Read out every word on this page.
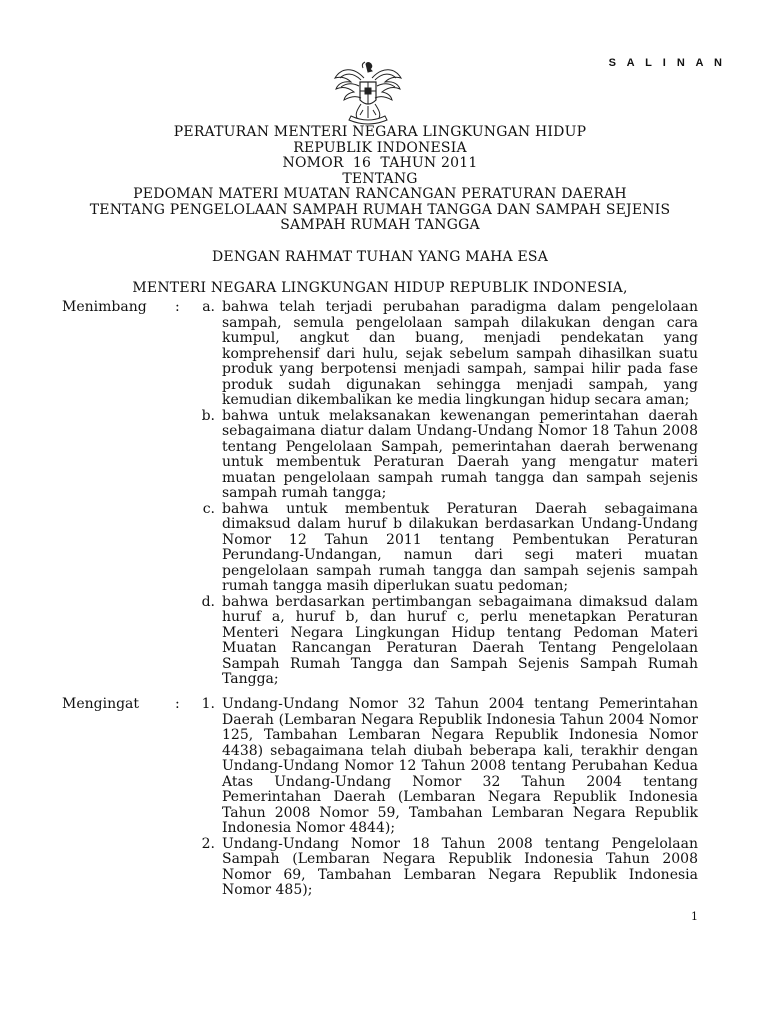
S A L I N A N
PERATURAN MENTERI NEGARA LINGKUNGAN HIDUP
REPUBLIK INDONESIA
NOMOR  16  TAHUN 2011
TENTANG
PEDOMAN MATERI MUATAN RANCANGAN PERATURAN DAERAH
TENTANG PENGELOLAAN SAMPAH RUMAH TANGGA DAN SAMPAH SEJENIS
SAMPAH RUMAH TANGGA
DENGAN RAHMAT TUHAN YANG MAHA ESA
MENTERI NEGARA LINGKUNGAN HIDUP REPUBLIK INDONESIA,
Menimbang :	a. bahwa telah terjadi perubahan paradigma dalam pengelolaan sampah, semula pengelolaan sampah dilakukan dengan cara kumpul, angkut dan buang, menjadi pendekatan yang komprehensif dari hulu, sejak sebelum sampah dihasilkan suatu produk yang berpotensi menjadi sampah, sampai hilir pada fase produk sudah digunakan sehingga menjadi sampah, yang kemudian dikembalikan ke media lingkungan hidup secara aman;
b. bahwa untuk melaksanakan kewenangan pemerintahan daerah sebagaimana diatur dalam Undang-Undang Nomor 18 Tahun 2008 tentang Pengelolaan Sampah, pemerintahan daerah berwenang untuk membentuk Peraturan Daerah yang mengatur materi muatan pengelolaan sampah rumah tangga dan sampah sejenis sampah rumah tangga;
c. bahwa untuk membentuk Peraturan Daerah sebagaimana dimaksud dalam huruf b dilakukan berdasarkan Undang-Undang Nomor 12 Tahun 2011 tentang Pembentukan Peraturan Perundang-Undangan, namun dari segi materi muatan pengelolaan sampah rumah tangga dan sampah sejenis sampah rumah tangga masih diperlukan suatu pedoman;
d. bahwa berdasarkan pertimbangan sebagaimana dimaksud dalam huruf a, huruf b, dan huruf c, perlu menetapkan Peraturan Menteri Negara Lingkungan Hidup tentang Pedoman Materi Muatan Rancangan Peraturan Daerah Tentang Pengelolaan Sampah Rumah Tangga dan Sampah Sejenis Sampah Rumah Tangga;
Mengingat	:	1. Undang-Undang Nomor 32 Tahun 2004 tentang Pemerintahan Daerah (Lembaran Negara Republik Indonesia Tahun 2004 Nomor 125, Tambahan Lembaran Negara Republik Indonesia Nomor 4438) sebagaimana telah diubah beberapa kali, terakhir dengan Undang-Undang Nomor 12 Tahun 2008 tentang Perubahan Kedua Atas Undang-Undang Nomor 32 Tahun 2004 tentang Pemerintahan Daerah (Lembaran Negara Republik Indonesia Tahun 2008 Nomor 59, Tambahan Lembaran Negara Republik Indonesia Nomor 4844);
2. Undang-Undang Nomor 18 Tahun 2008 tentang Pengelolaan Sampah (Lembaran Negara Republik Indonesia Tahun 2008 Nomor 69, Tambahan Lembaran Negara Republik Indonesia Nomor 485);
1
